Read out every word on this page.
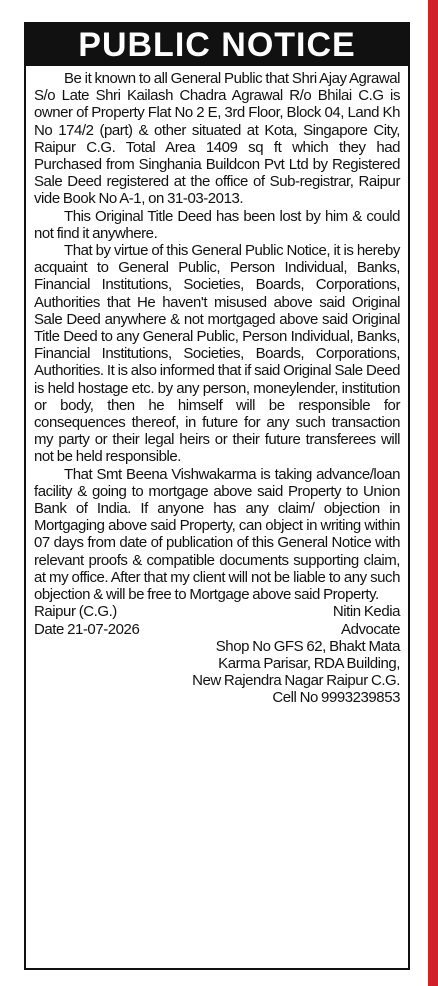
PUBLIC NOTICE

Be it known to all General Public that Shri Ajay Agrawal S/o Late Shri Kailash Chadra Agrawal R/o Bhilai C.G is owner of Property Flat No 2 E, 3rd Floor, Block 04, Land Kh No 174/2 (part) & other situated at Kota, Singapore City, Raipur C.G. Total Area 1409 sq ft which they had Purchased from Singhania Buildcon Pvt Ltd by Registered Sale Deed registered at the office of Sub-registrar, Raipur vide Book No A-1, on 31-03-2013.

This Original Title Deed has been lost by him & could not find it anywhere.

That by virtue of this General Public Notice, it is hereby acquaint to General Public, Person Individual, Banks, Financial Institutions, Societies, Boards, Corporations, Authorities that He haven't misused above said Original Sale Deed anywhere & not mortgaged above said Original Title Deed to any General Public, Person Individual, Banks, Financial Institutions, Societies, Boards, Corporations, Authorities. It is also informed that if said Original Sale Deed is held hostage etc. by any person, moneylender, institution or body, then he himself will be responsible for consequences thereof, in future for any such transaction my party or their legal heirs or their future transferees will not be held responsible.

That Smt Beena Vishwakarma is taking advance/loan facility & going to mortgage above said Property to Union Bank of India. If anyone has any claim/ objection in Mortgaging above said Property, can object in writing within 07 days from date of publication of this General Notice with relevant proofs & compatible documents supporting claim, at my office. After that my client will not be liable to any such objection & will be free to Mortgage above said Property.

Raipur (C.G.)	Nitin Kedia
Date 21-07-2026	Advocate
Shop No GFS 62, Bhakt Mata
Karma Parisar, RDA Building,
New Rajendra Nagar Raipur C.G.
Cell No 9993239853
